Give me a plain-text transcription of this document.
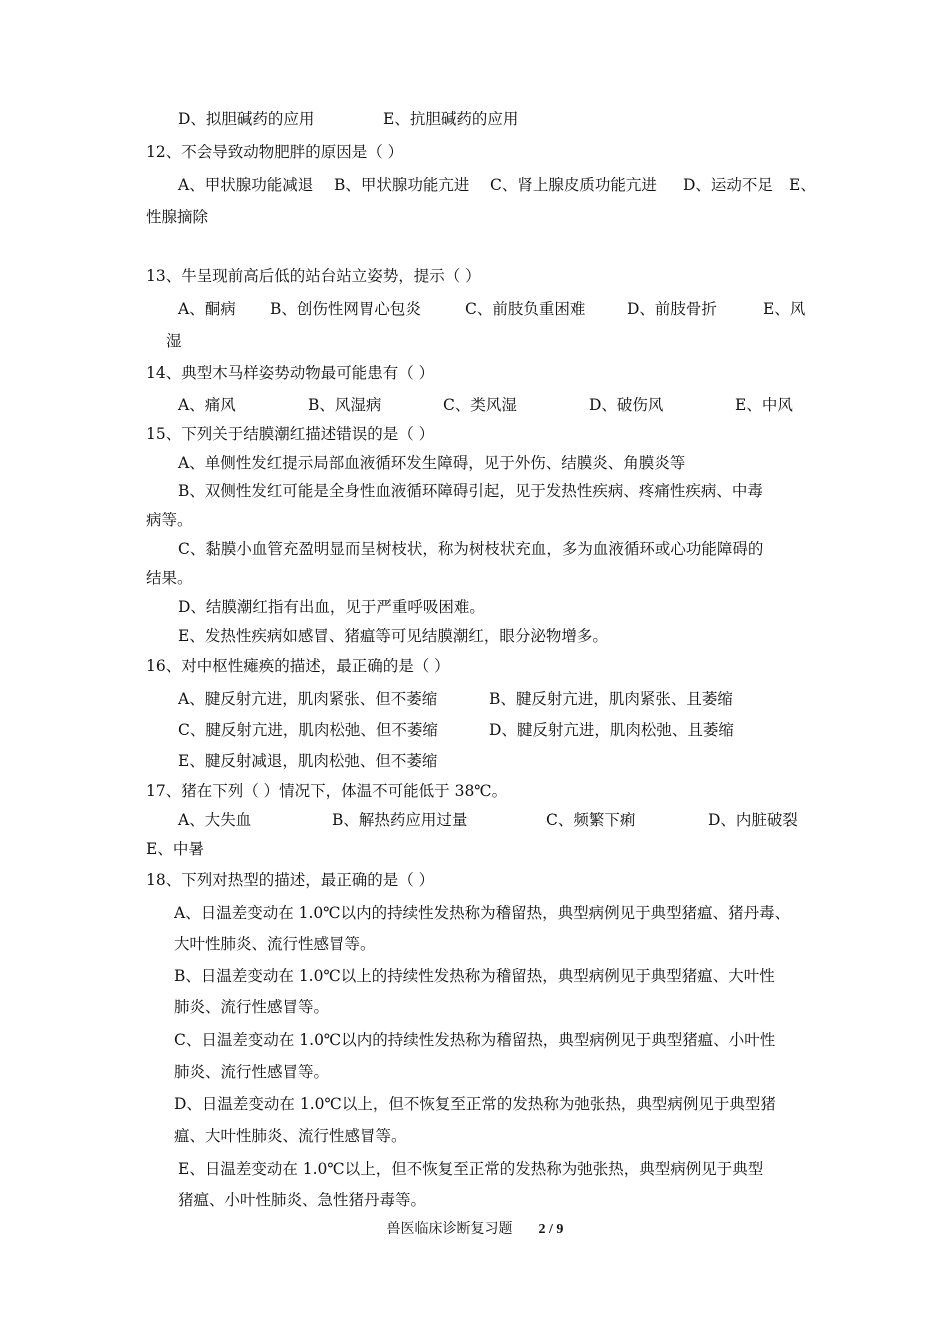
D、拟胆碱药的应用	E、抗胆碱药的应用
12、不会导致动物肥胖的原因是（ ）
A、甲状腺功能减退 B、甲状腺功能亢进 C、肾上腺皮质功能亢进 D、运动不足 E、
性腺摘除
13、牛呈现前高后低的站台站立姿势，提示（ ）
A、酮病 B、创伤性网胃心包炎	C、前肢负重困难	D、前肢骨折	E、风
湿
14、典型木马样姿势动物最可能患有（ ）
A、痛风	B、风湿病	C、类风湿	D、破伤风	E、中风
15、下列关于结膜潮红描述错误的是（ ）
A、单侧性发红提示局部血液循环发生障碍，见于外伤、结膜炎、角膜炎等
B、双侧性发红可能是全身性血液循环障碍引起，见于发热性疾病、疼痛性疾病、中毒
病等。
C、黏膜小血管充盈明显而呈树枝状，称为树枝状充血，多为血液循环或心功能障碍的
结果。
D、结膜潮红指有出血，见于严重呼吸困难。
E、发热性疾病如感冒、猪瘟等可见结膜潮红，眼分泌物增多。
16、对中枢性瘫痪的描述，最正确的是（ ）
A、腱反射亢进，肌肉紧张、但不萎缩	B、腱反射亢进，肌肉紧张、且萎缩
C、腱反射亢进，肌肉松弛、但不萎缩	D、腱反射亢进，肌肉松弛、且萎缩
E、腱反射减退，肌肉松弛、但不萎缩
17、猪在下列（ ）情况下，体温不可能低于 38℃。
A、大失血	B、解热药应用过量	C、频繁下痢	D、内脏破裂
E、中暑
18、下列对热型的描述，最正确的是（ ）
A、日温差变动在 1.0℃以内的持续性发热称为稽留热，典型病例见于典型猪瘟、猪丹毒、
大叶性肺炎、流行性感冒等。
B、日温差变动在 1.0℃以上的持续性发热称为稽留热，典型病例见于典型猪瘟、大叶性
肺炎、流行性感冒等。
C、日温差变动在 1.0℃以内的持续性发热称为稽留热，典型病例见于典型猪瘟、小叶性
肺炎、流行性感冒等。
D、日温差变动在 1.0℃以上，但不恢复至正常的发热称为弛张热，典型病例见于典型猪
瘟、大叶性肺炎、流行性感冒等。
E、日温差变动在 1.0℃以上，但不恢复至正常的发热称为弛张热，典型病例见于典型
猪瘟、小叶性肺炎、急性猪丹毒等。
兽医临床诊断复习题 2 / 9
